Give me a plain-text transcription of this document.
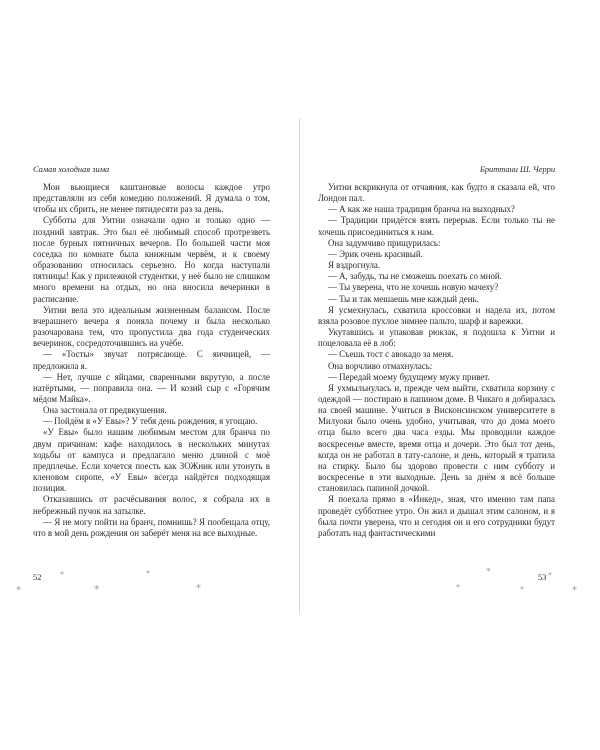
Самая холодная зима

Мои вьющиеся каштановые волосы каждое утро представляли из себя комедию положений. Я думала о том, чтобы их сбрить, не менее пятидесяти раз за день.

Субботы для Уитни означали одно и только одно — поздний завтрак. Это был её любимый способ протрезветь после бурных пятничных вечеров. По большей части моя соседка по комнате была книжным червём, и к своему образованию относилась серьезно. Но когда наступали пятницы! Как у прилежной студентки, у неё было не слишком много времени на отдых, но она вносила вечеринки в расписание.

Уитни вела это идеальным жизненным балансом. После вчерашнего вечера я поняла почему и была несколько разочарована тем, что пропустила два года студенческих вечеринок, сосредоточившись на учёбе.

— «Тосты» звучат потрясающе. С яичницей, — предложила я.

— Нет, лучше с яйцами, сваренными вкрутую, а после натёртыми, — поправила она. — И козий сыр с «Горячим мёдом Майка».

Она застонала от предвкушения.

— Пойдём в «У Евы»? У тебя день рождения, я угощаю.

«У Евы» было нашим любимым местом для бранча по двум причинам: кафе находилось в нескольких минутах ходьбы от кампуса и предлагало меню длиной с моё предплечье. Если хочется поесть как ЗОЖник или утонуть в кленовом сиропе, «У Евы» всегда найдётся подходящая позиция.

Отказавшись от расчёсывания волос, я собрала их в небрежный пучок на затылке.

— Я не могу пойти на бранч, помнишь? Я пообещала отцу, что в мой день рождения он заберёт меня на все выходные.

Бриттани Ш. Черри

Уитни вскрикнула от отчаяния, как будто я сказала ей, что Лондон пал.

— А как же наша традиция бранча на выходных?

— Традиции придётся взять перерыв. Если только ты не хочешь присоединиться к нам.

Она задумчиво прищурилась:

— Эрик очень красивый.

Я вздрогнула.

— А, забудь, ты не сможешь поехать со мной.

— Ты уверена, что не хочешь новую мачеху?

— Ты и так мешаешь мне каждый день.

Я усмехнулась, схватила кроссовки и надела их, потом взяла розовое пухлое зимнее пальто, шарф и варежки.

Укутавшись и упаковав рюкзак, я подошла к Уитни и поцеловала её в лоб:

— Съешь тост с авокадо за меня.

Она ворчливо отмахнулась:

— Передай моему будущему мужу привет.

Я ухмыльнулась и, прежде чем выйти, схватила корзину с одеждой — постираю в папином доме. В Чикаго я добиралась на своей машине. Учиться в Висконсинском университете в Милуоки было очень удобно, учитывая, что до дома моего отца было всего два часа езды. Мы проводили каждое воскресенье вместе, время отца и дочери. Это был тот день, когда он не работал в тату-салоне, и день, который я тратила на стирку. Было бы здорово провести с ним субботу и воскресенье в эти выходные. День за днём я всё больше становилась папиной дочкой.

Я поехала прямо в «Инкед», зная, что именно там папа проведёт субботнее утро. Он жил и дышал этим салоном, и я была почти уверена, что и сегодня он и его сотрудники будут работать над фантастическими

52	53
*
*
*
*
*	*
*
*
*
*
